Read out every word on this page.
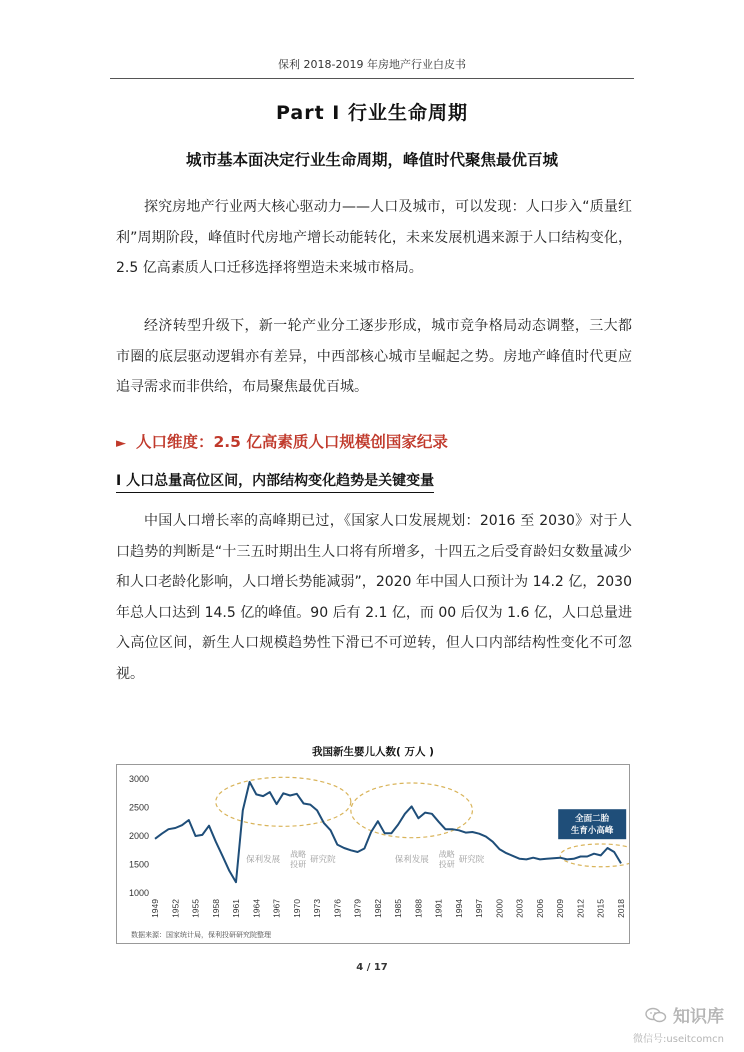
保利 2018-2019 年房地产行业白皮书
Part Ⅰ 行业生命周期
城市基本面决定行业生命周期，峰值时代聚焦最优百城

探究房地产行业两大核心驱动力——人口及城市，可以发现：人口步入“质量红利”周期阶段，峰值时代房地产增长动能转化，未来发展机遇来源于人口结构变化，2.5 亿高素质人口迁移选择将塑造未来城市格局。

经济转型升级下，新一轮产业分工逐步形成，城市竞争格局动态调整，三大都市圈的底层驱动逻辑亦有差异，中西部核心城市呈崛起之势。房地产峰值时代更应追寻需求而非供给，布局聚焦最优百城。

► 人口维度：2.5 亿高素质人口规模创国家纪录
Ⅰ 人口总量高位区间，内部结构变化趋势是关键变量

中国人口增长率的高峰期已过，《国家人口发展规划：2016 至 2030》对于人口趋势的判断是“十三五时期出生人口将有所增多，十四五之后受育龄妇女数量减少和人口老龄化影响，人口增长势能减弱”，2020 年中国人口预计为 14.2 亿，2030 年总人口达到 14.5 亿的峰值。90 后有 2.1 亿，而 00 后仅为 1.6 亿，人口总量进入高位区间，新生人口规模趋势性下滑已不可逆转，但人口内部结构性变化不可忽视。

我国新生婴儿人数( 万人 )
1000
1500
2000
2500
3000
1949 1952 1955 1958 1961 1964 1967 1970 1973 1976 1979 1982 1985 1988 1991 1994 1997 2000 2003 2006 2009 2012 2015 2018
保利发展
战略
投研 研究院	保利发展
战略
投研 研究院
全面二胎
生育小高峰
数据来源：国家统计局，保利投研研究院整理
4 / 17
知识库
微信号:useitcomcn
